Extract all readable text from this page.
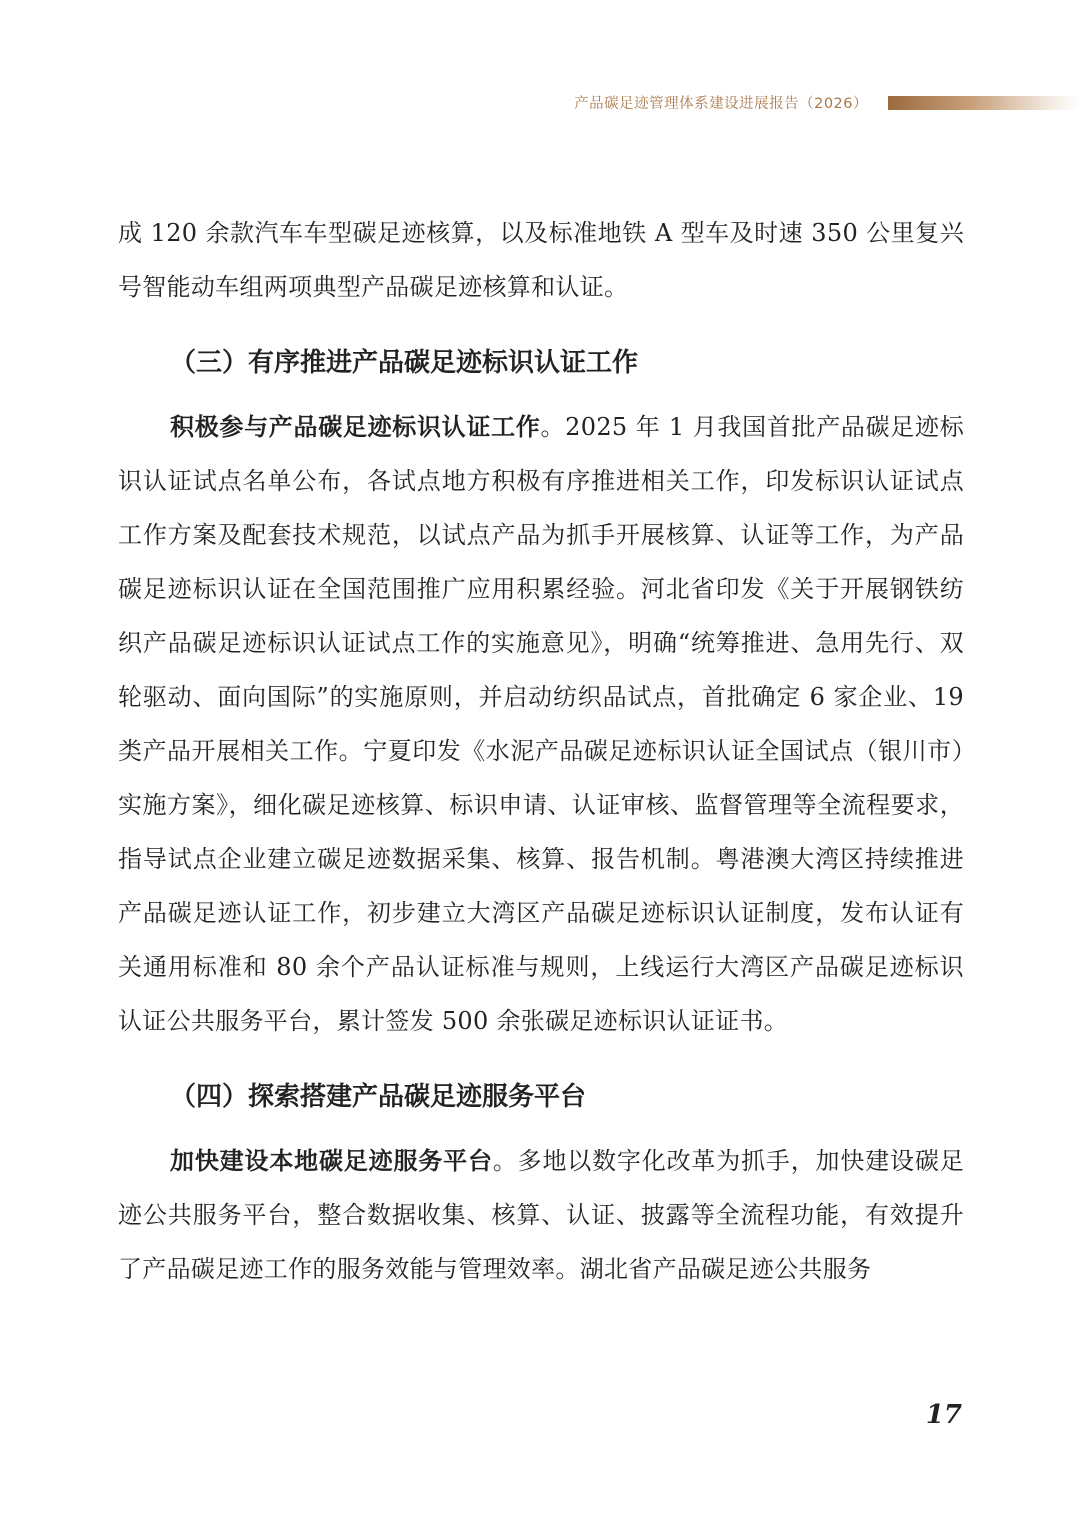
产品碳足迹管理体系建设进展报告（2026）

成 120 余款汽车车型碳足迹核算，以及标准地铁 A 型车及时速 350 公里复兴号智能动车组两项典型产品碳足迹核算和认证。

（三）有序推进产品碳足迹标识认证工作

积极参与产品碳足迹标识认证工作。2025 年 1 月我国首批产品碳足迹标识认证试点名单公布，各试点地方积极有序推进相关工作，印发标识认证试点工作方案及配套技术规范，以试点产品为抓手开展核算、认证等工作，为产品碳足迹标识认证在全国范围推广应用积累经验。河北省印发《关于开展钢铁纺织产品碳足迹标识认证试点工作的实施意见》，明确“统筹推进、急用先行、双轮驱动、面向国际”的实施原则，并启动纺织品试点，首批确定 6 家企业、19 类产品开展相关工作。宁夏印发《水泥产品碳足迹标识认证全国试点（银川市）实施方案》，细化碳足迹核算、标识申请、认证审核、监督管理等全流程要求，指导试点企业建立碳足迹数据采集、核算、报告机制。粤港澳大湾区持续推进产品碳足迹认证工作，初步建立大湾区产品碳足迹标识认证制度，发布认证有关通用标准和 80 余个产品认证标准与规则，上线运行大湾区产品碳足迹标识认证公共服务平台，累计签发 500 余张碳足迹标识认证证书。

（四）探索搭建产品碳足迹服务平台

加快建设本地碳足迹服务平台。多地以数字化改革为抓手，加快建设碳足迹公共服务平台，整合数据收集、核算、认证、披露等全流程功能，有效提升了产品碳足迹工作的服务效能与管理效率。湖北省产品碳足迹公共服务

17
